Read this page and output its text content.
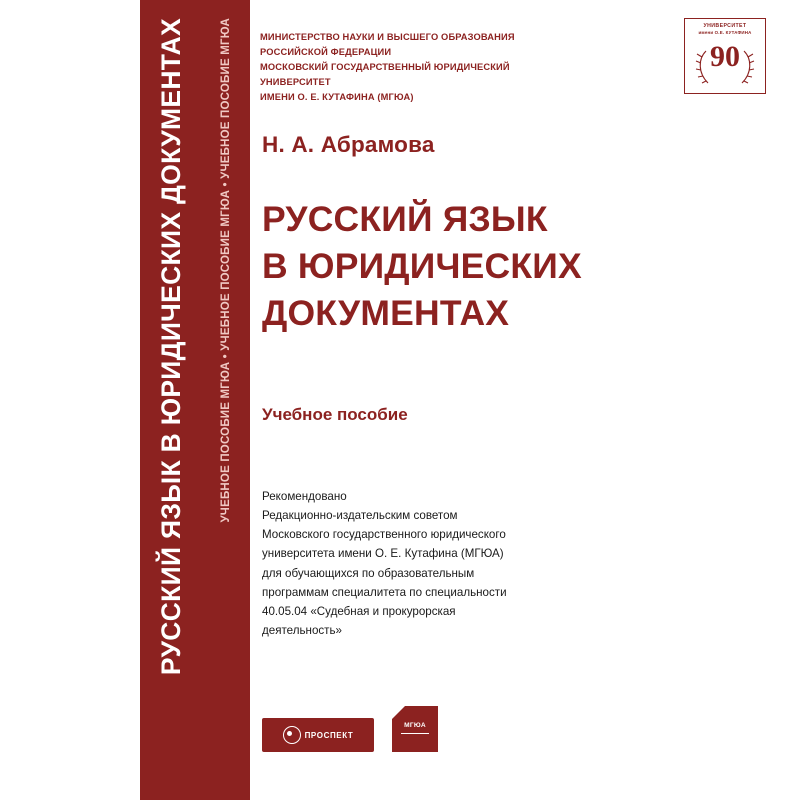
РУССКИЙ ЯЗЫК В ЮРИДИЧЕСКИХ ДОКУМЕНТАХ	УЧЕБНОЕ ПОСОБИЕ МГЮА • УЧЕБНОЕ ПОСОБИЕ МГЮА • УЧЕБНОЕ ПОСОБИЕ МГЮА	МИНИСТЕРСТВО НАУКИ И ВЫСШЕГО ОБРАЗОВАНИЯ РОССИЙСКОЙ ФЕДЕРАЦИИ
МОСКОВСКИЙ ГОСУДАРСТВЕННЫЙ ЮРИДИЧЕСКИЙ УНИВЕРСИТЕТ
ИМЕНИ О. Е. КУТАФИНА (МГЮА)
УНИВЕРСИТЕТ
имени О.Е. КУТАФИНА
90
Н. А. Абрамова
РУССКИЙ ЯЗЫК
В ЮРИДИЧЕСКИХ
ДОКУМЕНТАХ
Учебное пособие
Рекомендовано
Редакционно-издательским советом
Московского государственного юридического
университета имени О. Е. Кутафина (МГЮА)
для обучающихся по образовательным
программам специалитета по специальности
40.05.04 «Судебная и прокурорская
деятельность»
ПРОСПЕКТ
МГЮА
